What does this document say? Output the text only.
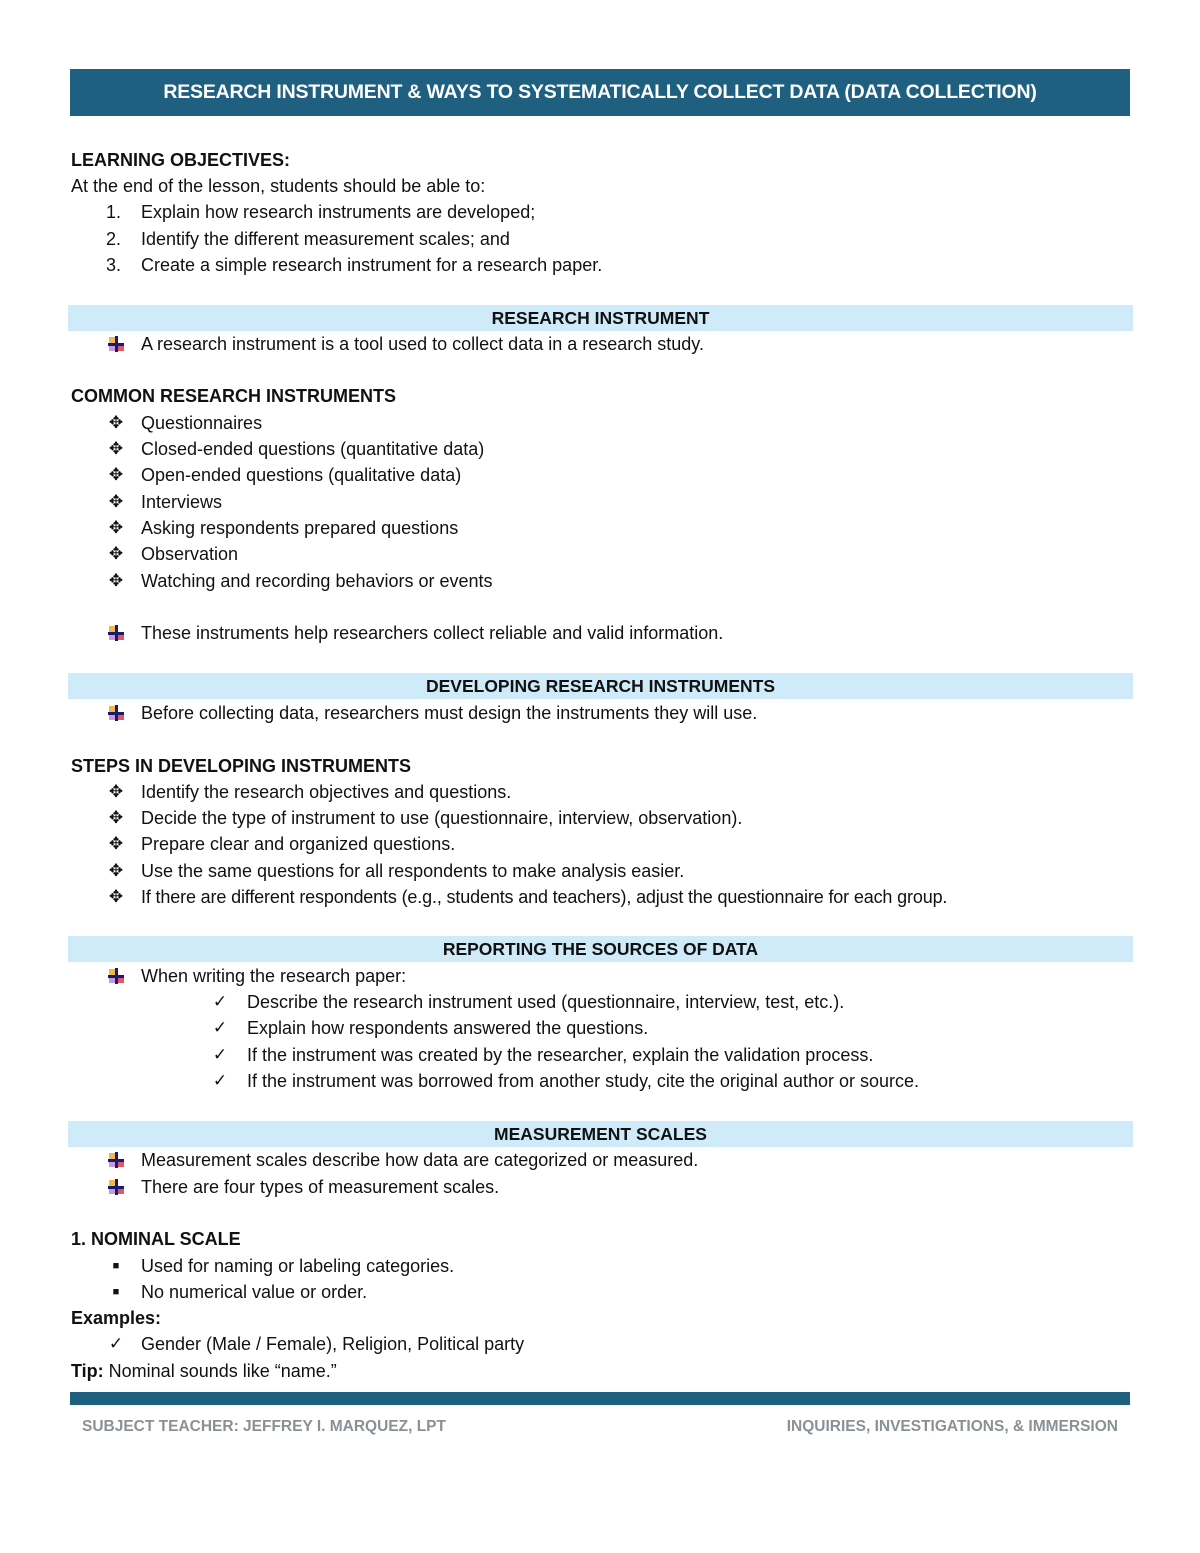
RESEARCH INSTRUMENT & WAYS TO SYSTEMATICALLY COLLECT DATA (DATA COLLECTION)
LEARNING OBJECTIVES:
At the end of the lesson, students should be able to:
1. Explain how research instruments are developed;
2. Identify the different measurement scales; and
3. Create a simple research instrument for a research paper.
RESEARCH INSTRUMENT
A research instrument is a tool used to collect data in a research study.
COMMON RESEARCH INSTRUMENTS
✥ Questionnaires
✥ Closed-ended questions (quantitative data)
✥ Open-ended questions (qualitative data)
✥ Interviews
✥ Asking respondents prepared questions
✥ Observation
✥ Watching and recording behaviors or events
These instruments help researchers collect reliable and valid information.
DEVELOPING RESEARCH INSTRUMENTS
Before collecting data, researchers must design the instruments they will use.
STEPS IN DEVELOPING INSTRUMENTS
✥ Identify the research objectives and questions.
✥ Decide the type of instrument to use (questionnaire, interview, observation).
✥ Prepare clear and organized questions.
✥ Use the same questions for all respondents to make analysis easier.
✥ If there are different respondents (e.g., students and teachers), adjust the questionnaire for each group.
REPORTING THE SOURCES OF DATA
When writing the research paper:
✓ Describe the research instrument used (questionnaire, interview, test, etc.).
✓ Explain how respondents answered the questions.
✓ If the instrument was created by the researcher, explain the validation process.
✓ If the instrument was borrowed from another study, cite the original author or source.
MEASUREMENT SCALES
Measurement scales describe how data are categorized or measured.
There are four types of measurement scales.
1. NOMINAL SCALE
■	Used for naming or labeling categories.
■	No numerical value or order.
Examples:
✓ Gender (Male / Female), Religion, Political party
Tip: Nominal sounds like “name.”
SUBJECT TEACHER: JEFFREY I. MARQUEZ, LPT	INQUIRIES, INVESTIGATIONS, & IMMERSION
